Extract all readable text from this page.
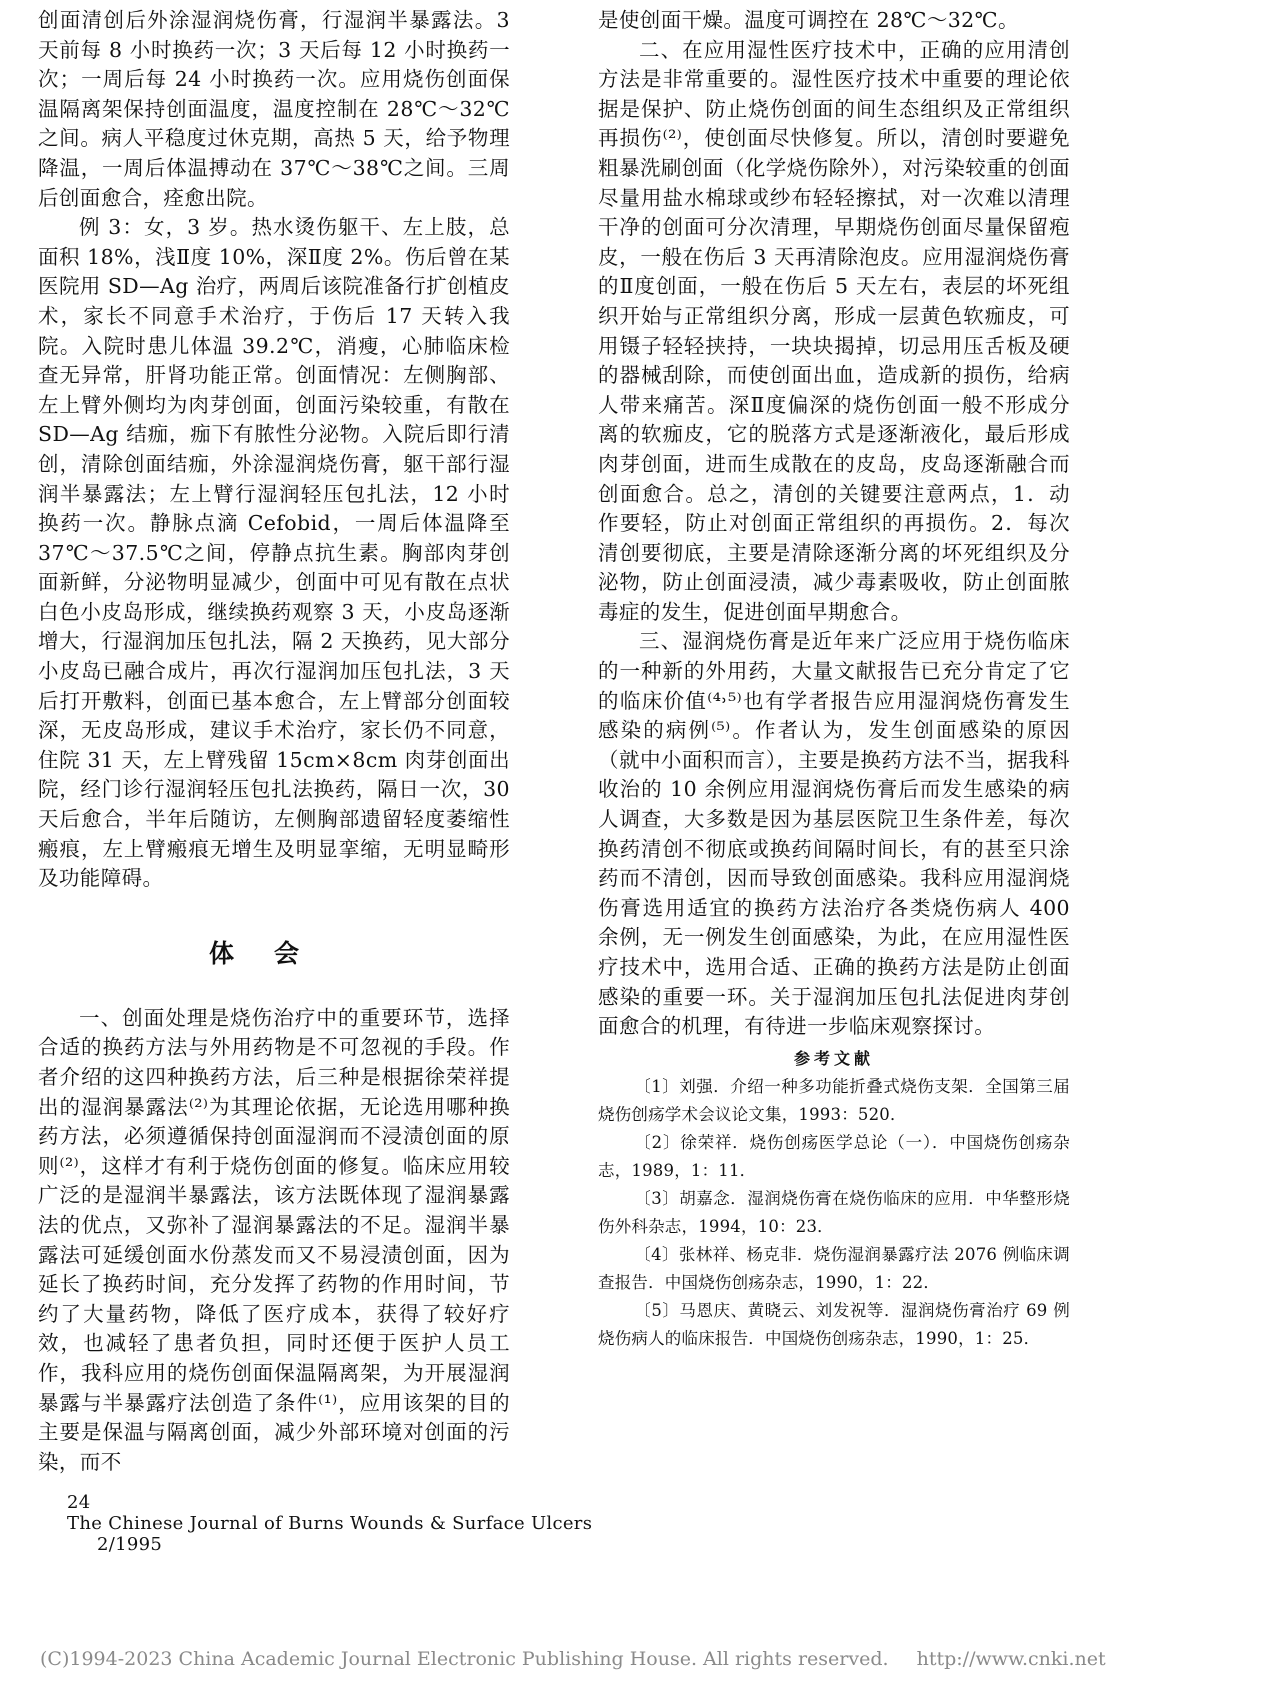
创面清创后外涂湿润烧伤膏，行湿润半暴露法。3 天前每 8 小时换药一次；3 天后每 12 小时换药一次；一周后每 24 小时换药一次。应用烧伤创面保温隔离架保持创面温度，温度控制在 28℃～32℃之间。病人平稳度过休克期，高热 5 天，给予物理降温，一周后体温搏动在 37℃～38℃之间。三周后创面愈合，痊愈出院。

例 3：女，3 岁。热水烫伤躯干、左上肢，总面积 18%，浅Ⅱ度 10%，深Ⅱ度 2%。伤后曾在某医院用 SD—Ag 治疗，两周后该院准备行扩创植皮术，家长不同意手术治疗，于伤后 17 天转入我院。入院时患儿体温 39.2℃，消瘦，心肺临床检查无异常，肝肾功能正常。创面情况：左侧胸部、左上臂外侧均为肉芽创面，创面污染较重，有散在 SD—Ag 结痂，痂下有脓性分泌物。入院后即行清创，清除创面结痂，外涂湿润烧伤膏，躯干部行湿润半暴露法；左上臂行湿润轻压包扎法，12 小时换药一次。静脉点滴 Cefobid，一周后体温降至 37℃～37.5℃之间，停静点抗生素。胸部肉芽创面新鲜，分泌物明显减少，创面中可见有散在点状白色小皮岛形成，继续换药观察 3 天，小皮岛逐渐增大，行湿润加压包扎法，隔 2 天换药，见大部分小皮岛已融合成片，再次行湿润加压包扎法，3 天后打开敷料，创面已基本愈合，左上臂部分创面较深，无皮岛形成，建议手术治疗，家长仍不同意，住院 31 天，左上臂残留 15cm×8cm 肉芽创面出院，经门诊行湿润轻压包扎法换药，隔日一次，30 天后愈合，半年后随访，左侧胸部遗留轻度萎缩性瘢痕，左上臂瘢痕无增生及明显挛缩，无明显畸形及功能障碍。

体会

一、创面处理是烧伤治疗中的重要环节，选择合适的换药方法与外用药物是不可忽视的手段。作者介绍的这四种换药方法，后三种是根据徐荣祥提出的湿润暴露法⁽²⁾为其理论依据，无论选用哪种换药方法，必须遵循保持创面湿润而不浸渍创面的原则⁽²⁾，这样才有利于烧伤创面的修复。临床应用较广泛的是湿润半暴露法，该方法既体现了湿润暴露法的优点，又弥补了湿润暴露法的不足。湿润半暴露法可延缓创面水份蒸发而又不易浸渍创面，因为延长了换药时间，充分发挥了药物的作用时间，节约了大量药物，降低了医疗成本，获得了较好疗效，也减轻了患者负担，同时还便于医护人员工作，我科应用的烧伤创面保温隔离架，为开展湿润暴露与半暴露疗法创造了条件⁽¹⁾，应用该架的目的主要是保温与隔离创面，减少外部环境对创面的污染，而不

是使创面干燥。温度可调控在 28℃～32℃。

二、在应用湿性医疗技术中，正确的应用清创方法是非常重要的。湿性医疗技术中重要的理论依据是保护、防止烧伤创面的间生态组织及正常组织再损伤⁽²⁾，使创面尽快修复。所以，清创时要避免粗暴洗刷创面（化学烧伤除外），对污染较重的创面尽量用盐水棉球或纱布轻轻擦拭，对一次难以清理干净的创面可分次清理，早期烧伤创面尽量保留疱皮，一般在伤后 3 天再清除泡皮。应用湿润烧伤膏的Ⅱ度创面，一般在伤后 5 天左右，表层的坏死组织开始与正常组织分离，形成一层黄色软痂皮，可用镊子轻轻挟持，一块块揭掉，切忌用压舌板及硬的器械刮除，而使创面出血，造成新的损伤，给病人带来痛苦。深Ⅱ度偏深的烧伤创面一般不形成分离的软痂皮，它的脱落方式是逐渐液化，最后形成肉芽创面，进而生成散在的皮岛，皮岛逐渐融合而创面愈合。总之，清创的关键要注意两点，1．动作要轻，防止对创面正常组织的再损伤。2．每次清创要彻底，主要是清除逐渐分离的坏死组织及分泌物，防止创面浸渍，减少毒素吸收，防止创面脓毒症的发生，促进创面早期愈合。

三、湿润烧伤膏是近年来广泛应用于烧伤临床的一种新的外用药，大量文献报告已充分肯定了它的临床价值⁽⁴˒⁵⁾也有学者报告应用湿润烧伤膏发生感染的病例⁽⁵⁾。作者认为，发生创面感染的原因（就中小面积而言），主要是换药方法不当，据我科收治的 10 余例应用湿润烧伤膏后而发生感染的病人调查，大多数是因为基层医院卫生条件差，每次换药清创不彻底或换药间隔时间长，有的甚至只涂药而不清创，因而导致创面感染。我科应用湿润烧伤膏选用适宜的换药方法治疗各类烧伤病人 400 余例，无一例发生创面感染，为此，在应用湿性医疗技术中，选用合适、正确的换药方法是防止创面感染的重要一环。关于湿润加压包扎法促进肉芽创面愈合的机理，有待进一步临床观察探讨。

参考文献

〔1〕刘强．介绍一种多功能折叠式烧伤支架．全国第三届烧伤创疡学术会议论文集，1993：520．

〔2〕徐荣祥．烧伤创疡医学总论（一）．中国烧伤创疡杂志，1989，1：11．

〔3〕胡嘉念．湿润烧伤膏在烧伤临床的应用．中华整形烧伤外科杂志，1994，10：23．

〔4〕张林祥、杨克非．烧伤湿润暴露疗法 2076 例临床调查报告．中国烧伤创疡杂志，1990，1：22．

〔5〕马恩庆、黄晓云、刘发祝等．湿润烧伤膏治疗 69 例烧伤病人的临床报告．中国烧伤创疡杂志，1990，1：25．

24
The Chinese Journal of Burns Wounds & Surface Ulcers
2/1995

(C)1994-2023 China Academic Journal Electronic Publishing House. All rights reserved. http://www.cnki.net
